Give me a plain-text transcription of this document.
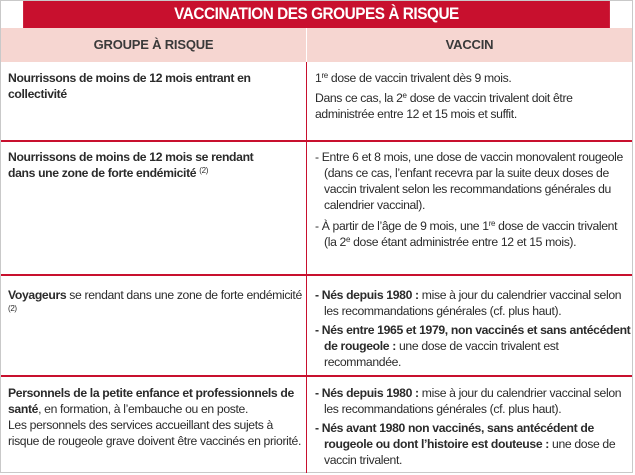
VACCINATION DES GROUPES À RISQUE
GROUPE À RISQUE	VACCIN
Nourrissons de moins de 12 mois entrant en collectivité
1re dose de vaccin trivalent dès 9 mois.
Dans ce cas, la 2e dose de vaccin trivalent doit être administrée entre 12 et 15 mois et suffit.
Nourrissons de moins de 12 mois se rendant
dans une zone de forte endémicité $^{(2)}$
- Entre 6 et 8 mois, une dose de vaccin monovalent rougeole (dans ce cas, l’enfant recevra par la suite deux doses de vaccin trivalent selon les recommandations générales du calendrier vaccinal).
- À partir de l’âge de 9 mois, une 1re dose de vaccin trivalent (la 2e dose étant administrée entre 12 et 15 mois).
Voyageurs se rendant dans une zone de forte endémicité $^{(2)}$
- Nés depuis 1980 : mise à jour du calendrier vaccinal selon les recommandations générales (cf. plus haut).
- Nés entre 1965 et 1979, non vaccinés et sans antécédent de rougeole : une dose de vaccin trivalent est recommandée.
Personnels de la petite enfance et professionnels de santé, en formation, à l’embauche ou en poste.
Les personnels des services accueillant des sujets à risque de rougeole grave doivent être vaccinés en priorité.
- Nés depuis 1980 : mise à jour du calendrier vaccinal selon les recommandations générales (cf. plus haut).
- Nés avant 1980 non vaccinés, sans antécédent de rougeole ou dont l’histoire est douteuse : une dose de vaccin trivalent.
